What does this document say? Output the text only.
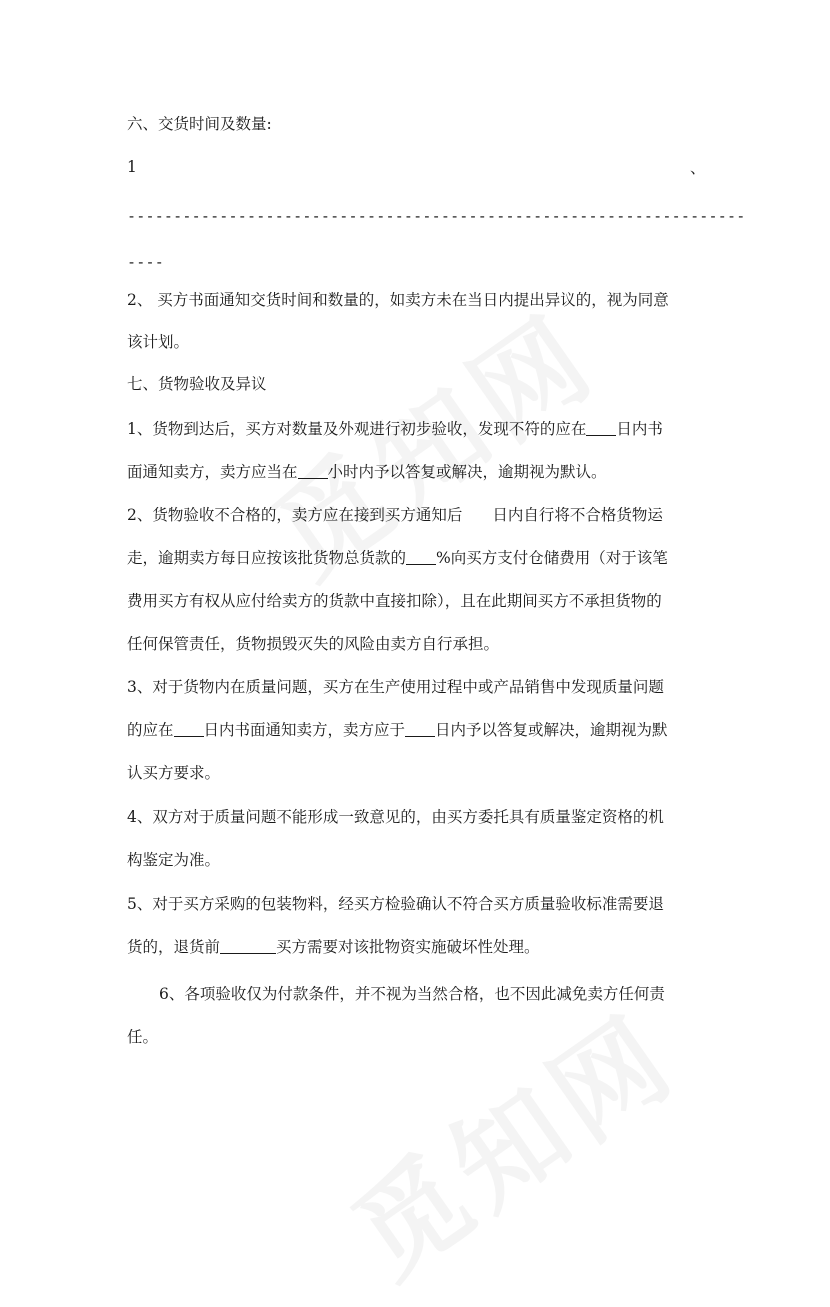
六、交货时间及数量:
1	、
-------------------------------------------------------------------
----
2、 买方书面通知交货时间和数量的，如卖方未在当日内提出异议的，视为同意
该计划。
七、货物验收及异议
1、货物到达后，买方对数量及外观进行初步验收，发现不符的应在 日内书
面通知卖方，卖方应当在 小时内予以答复或解决，逾期视为默认。
2、货物验收不合格的，卖方应在接到买方通知后 日内自行将不合格货物运
走，逾期卖方每日应按该批货物总货款的 %向买方支付仓储费用（对于该笔
费用买方有权从应付给卖方的货款中直接扣除），且在此期间买方不承担货物的
任何保管责任，货物损毁灭失的风险由卖方自行承担。
3、对于货物内在质量问题，买方在生产使用过程中或产品销售中发现质量问题
的应在 日内书面通知卖方，卖方应于 日内予以答复或解决，逾期视为默
认买方要求。
4、双方对于质量问题不能形成一致意见的，由买方委托具有质量鉴定资格的机
构鉴定为准。
5、对于买方采购的包装物料，经买方检验确认不符合买方质量验收标准需要退
货的，退货前	买方需要对该批物资实施破坏性处理。
6、各项验收仅为付款条件，并不视为当然合格，也不因此减免卖方任何责
任。
